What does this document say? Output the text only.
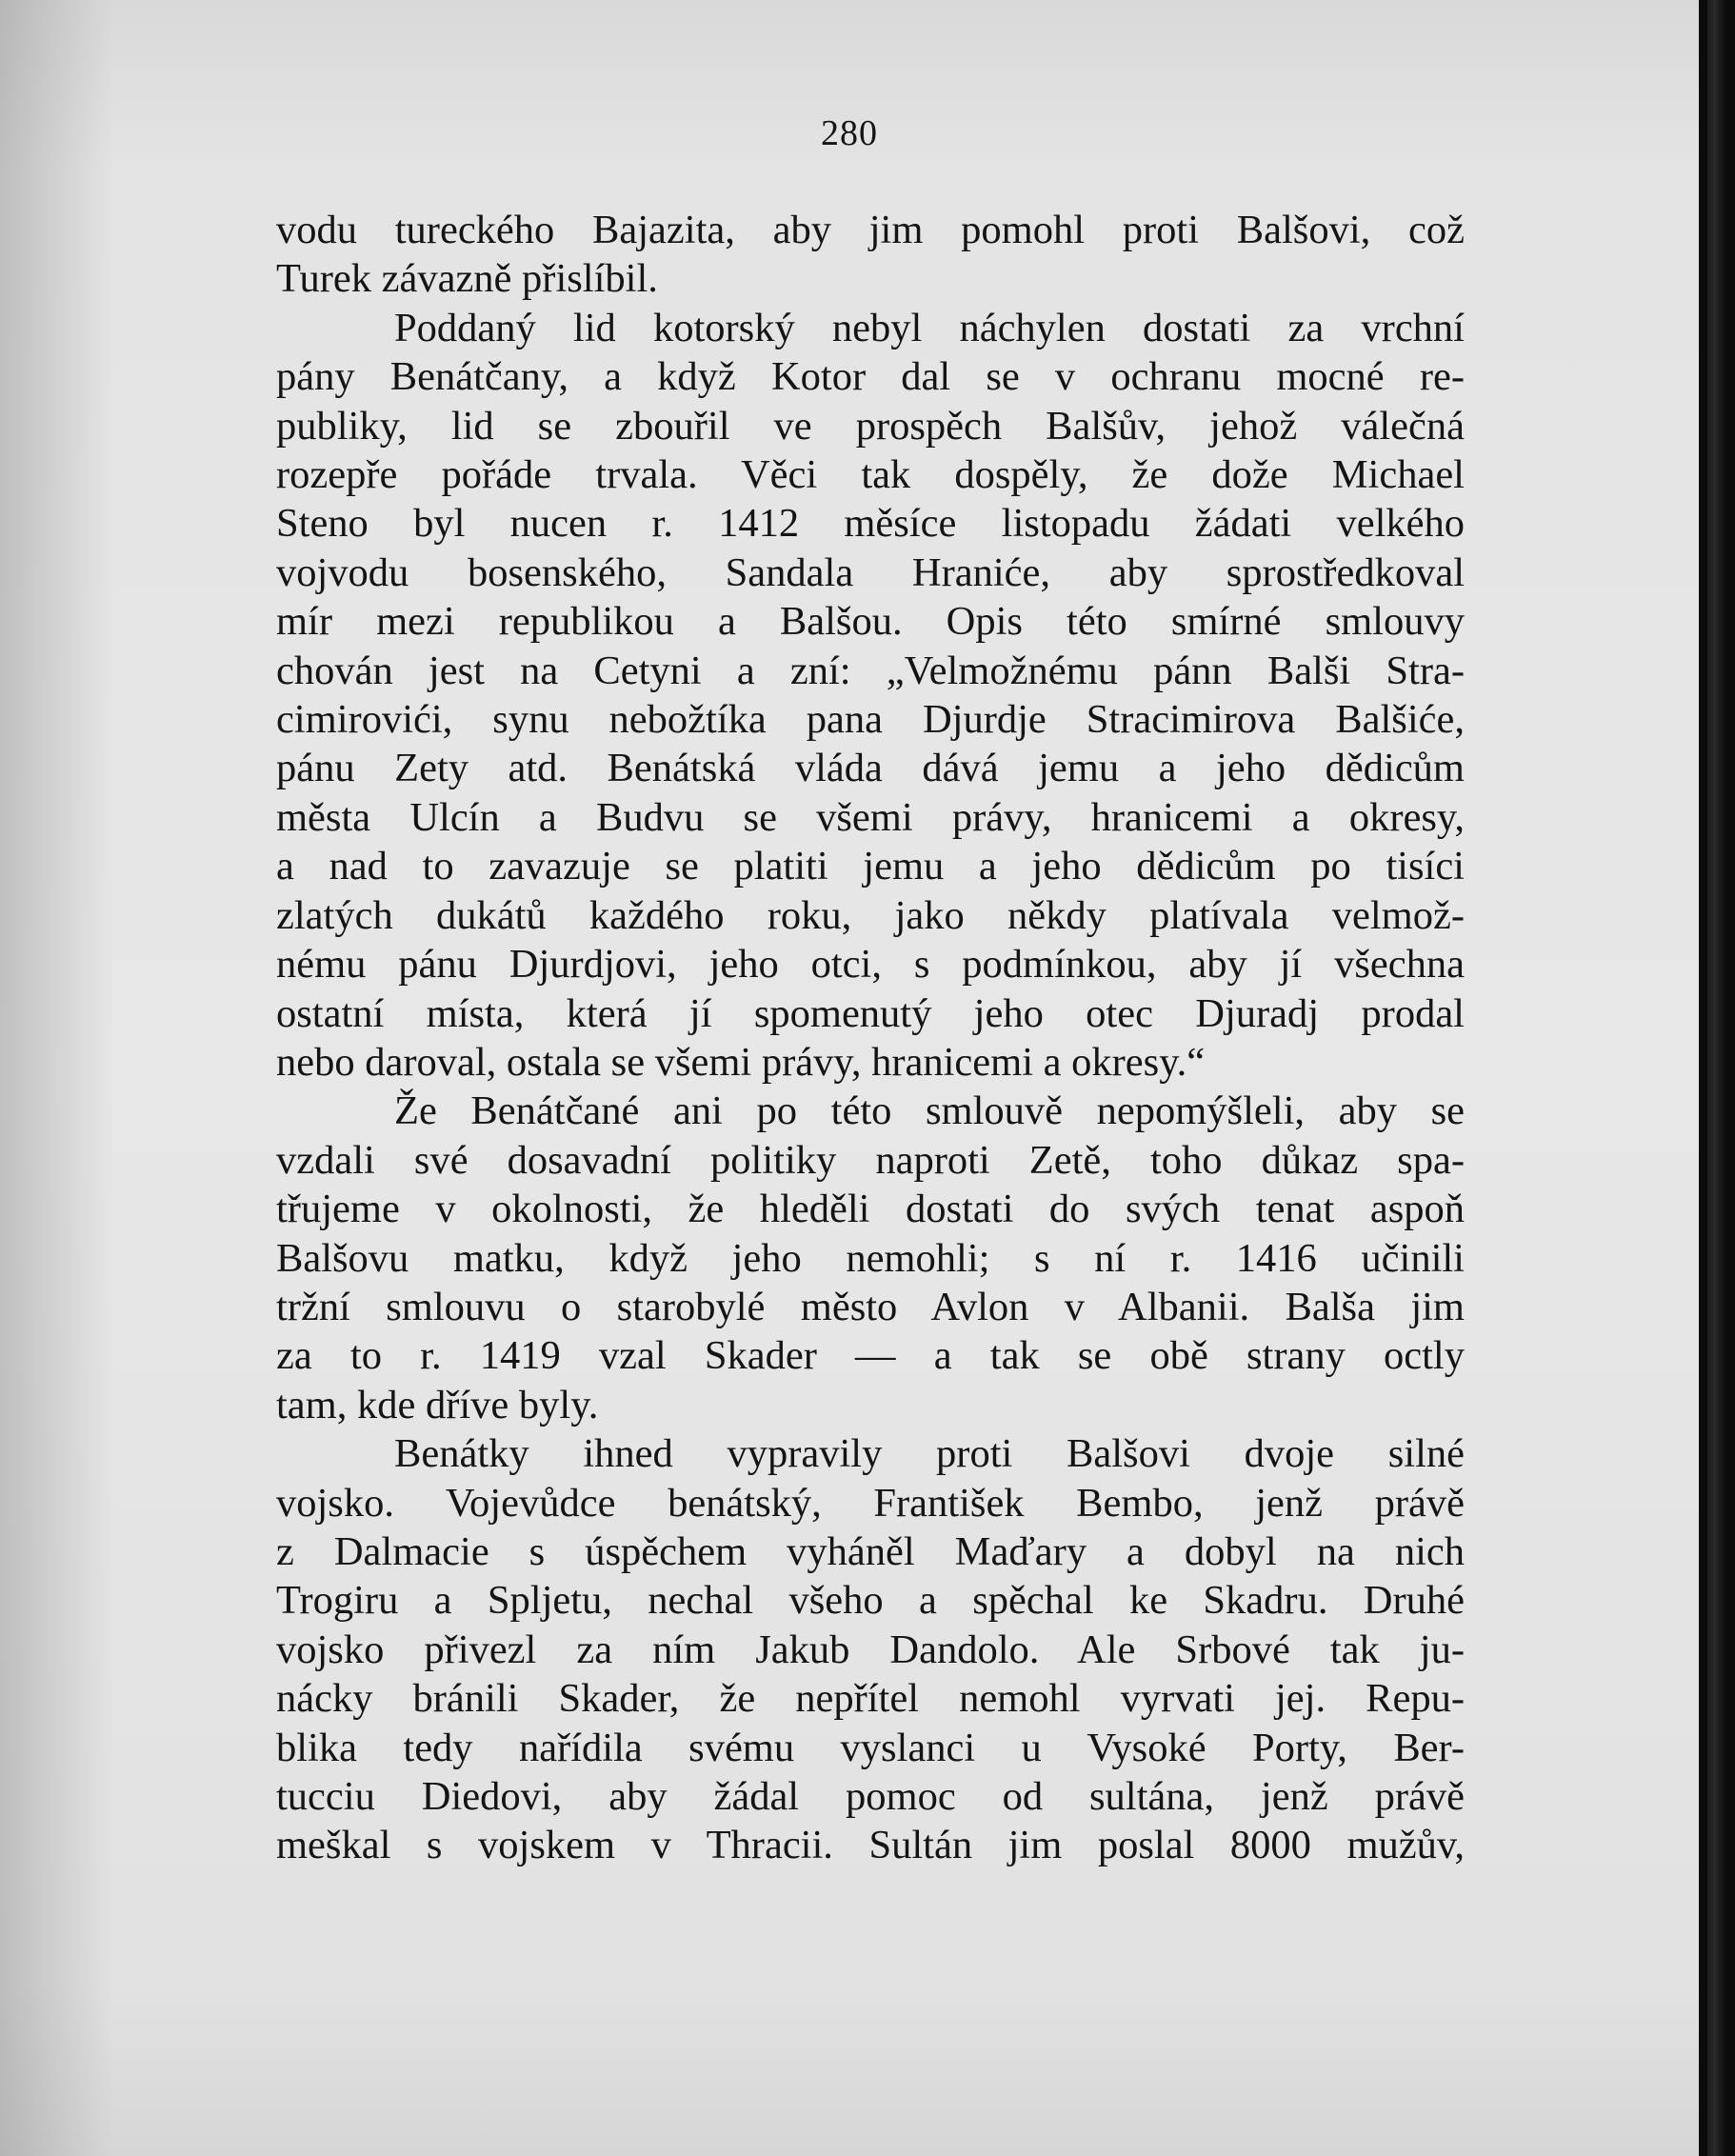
280
vodu tureckého Bajazita, aby jim pomohl proti Balšovi, což
Turek závazně přislíbil.
Poddaný lid kotorský nebyl náchylen dostati za vrchní
pány Benátčany, a když Kotor dal se v ochranu mocné re-
publiky, lid se zbouřil ve prospěch Balšův, jehož válečná
rozepře pořáde trvala. Věci tak dospěly, že dože Michael
Steno byl nucen r. 1412 měsíce listopadu žádati velkého
vojvodu bosenského, Sandala Hraniće, aby sprostředkoval
mír mezi republikou a Balšou. Opis této smírné smlouvy
chován jest na Cetyni a zní: „Velmožnému pánn Balši Stra-
cimirovići, synu nebožtíka pana Djurdje Stracimirova Balšiće,
pánu Zety atd. Benátská vláda dává jemu a jeho dědicům
města Ulcín a Budvu se všemi právy, hranicemi a okresy,
a nad to zavazuje se platiti jemu a jeho dědicům po tisíci
zlatých dukátů každého roku, jako někdy platívala velmož-
nému pánu Djurdjovi, jeho otci, s podmínkou, aby jí všechna
ostatní místa, která jí spomenutý jeho otec Djuradj prodal
nebo daroval, ostala se všemi právy, hranicemi a okresy.“
Že Benátčané ani po této smlouvě nepomýšleli, aby se
vzdali své dosavadní politiky naproti Zetě, toho důkaz spa-
třujeme v okolnosti, že hleděli dostati do svých tenat aspoň
Balšovu matku, když jeho nemohli; s ní r. 1416 učinili
tržní smlouvu o starobylé město Avlon v Albanii. Balša jim
za to r. 1419 vzal Skader — a tak se obě strany octly
tam, kde dříve byly.
Benátky ihned vypravily proti Balšovi dvoje silné
vojsko. Vojevůdce benátský, František Bembo, jenž právě
z Dalmacie s úspěchem vyháněl Maďary a dobyl na nich
Trogiru a Spljetu, nechal všeho a spěchal ke Skadru. Druhé
vojsko přivezl za ním Jakub Dandolo. Ale Srbové tak ju-
nácky bránili Skader, že nepřítel nemohl vyrvati jej. Repu-
blika tedy nařídila svému vyslanci u Vysoké Porty, Ber-
tucciu Diedovi, aby žádal pomoc od sultána, jenž právě
meškal s vojskem v Thracii. Sultán jim poslal 8000 mužův,
